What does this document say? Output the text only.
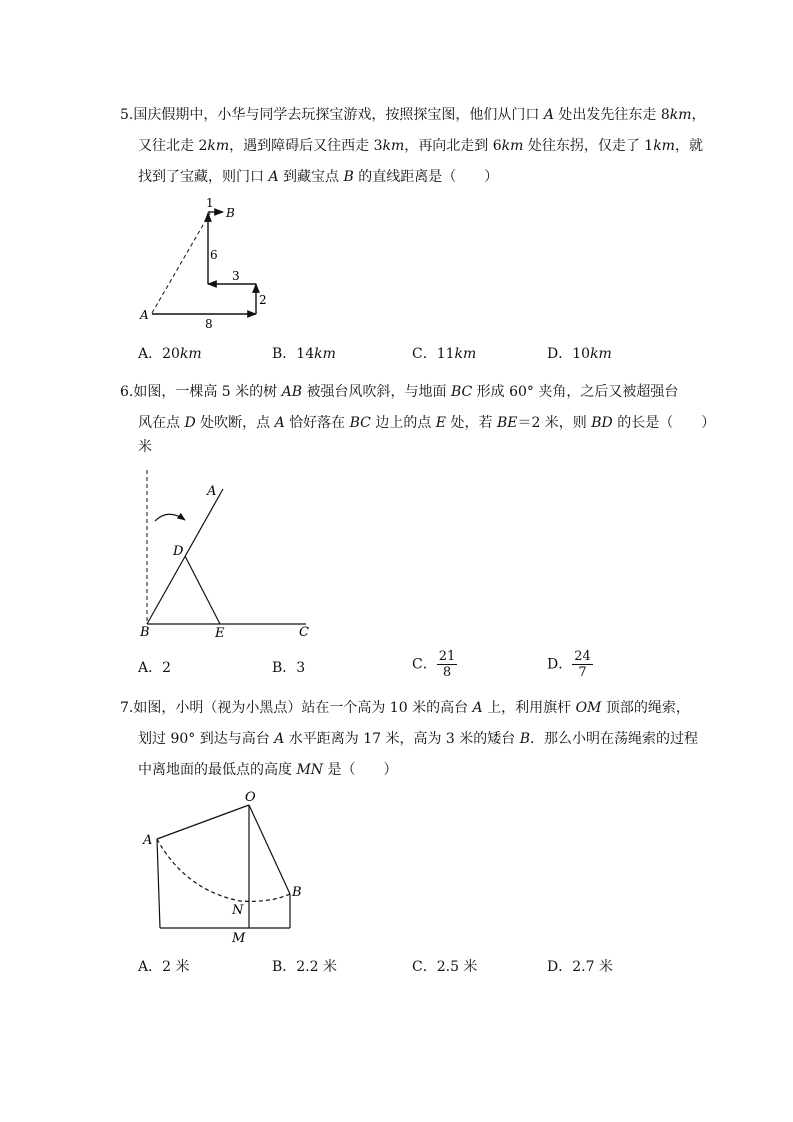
5.国庆假期中，小华与同学去玩探宝游戏，按照探宝图，他们从门口 A 处出发先往东走 8km，
又往北走 2km，遇到障碍后又往西走 3km，再向北走到 6km 处往东拐，仅走了 1km，就
找到了宝藏，则门口 A 到藏宝点 B 的直线距离是（　　）
A
B
1
6
3
2
8
A．20km	B．14km	C．11km	D．10km
6.如图，一棵高 5 米的树 AB 被强台风吹斜，与地面 BC 形成 60° 夹角，之后又被超强台
风在点 D 处吹断，点 A 恰好落在 BC 边上的点 E 处，若 BE＝2 米，则 BD 的长是（　　）
米
A
D
B	E	C
A．2	B．3	C． $\frac{21}{8}$	D． $\frac{24}{7}$
7.如图，小明（视为小黑点）站在一个高为 10 米的高台 A 上，利用旗杆 OM 顶部的绳索，
划过 90° 到达与高台 A 水平距离为 17 米，高为 3 米的矮台 B．那么小明在荡绳索的过程
中离地面的最低点的高度 MN 是（　　）
O
A
B
N
M
A．2 米	B．2.2 米	C．2.5 米	D．2.7 米
